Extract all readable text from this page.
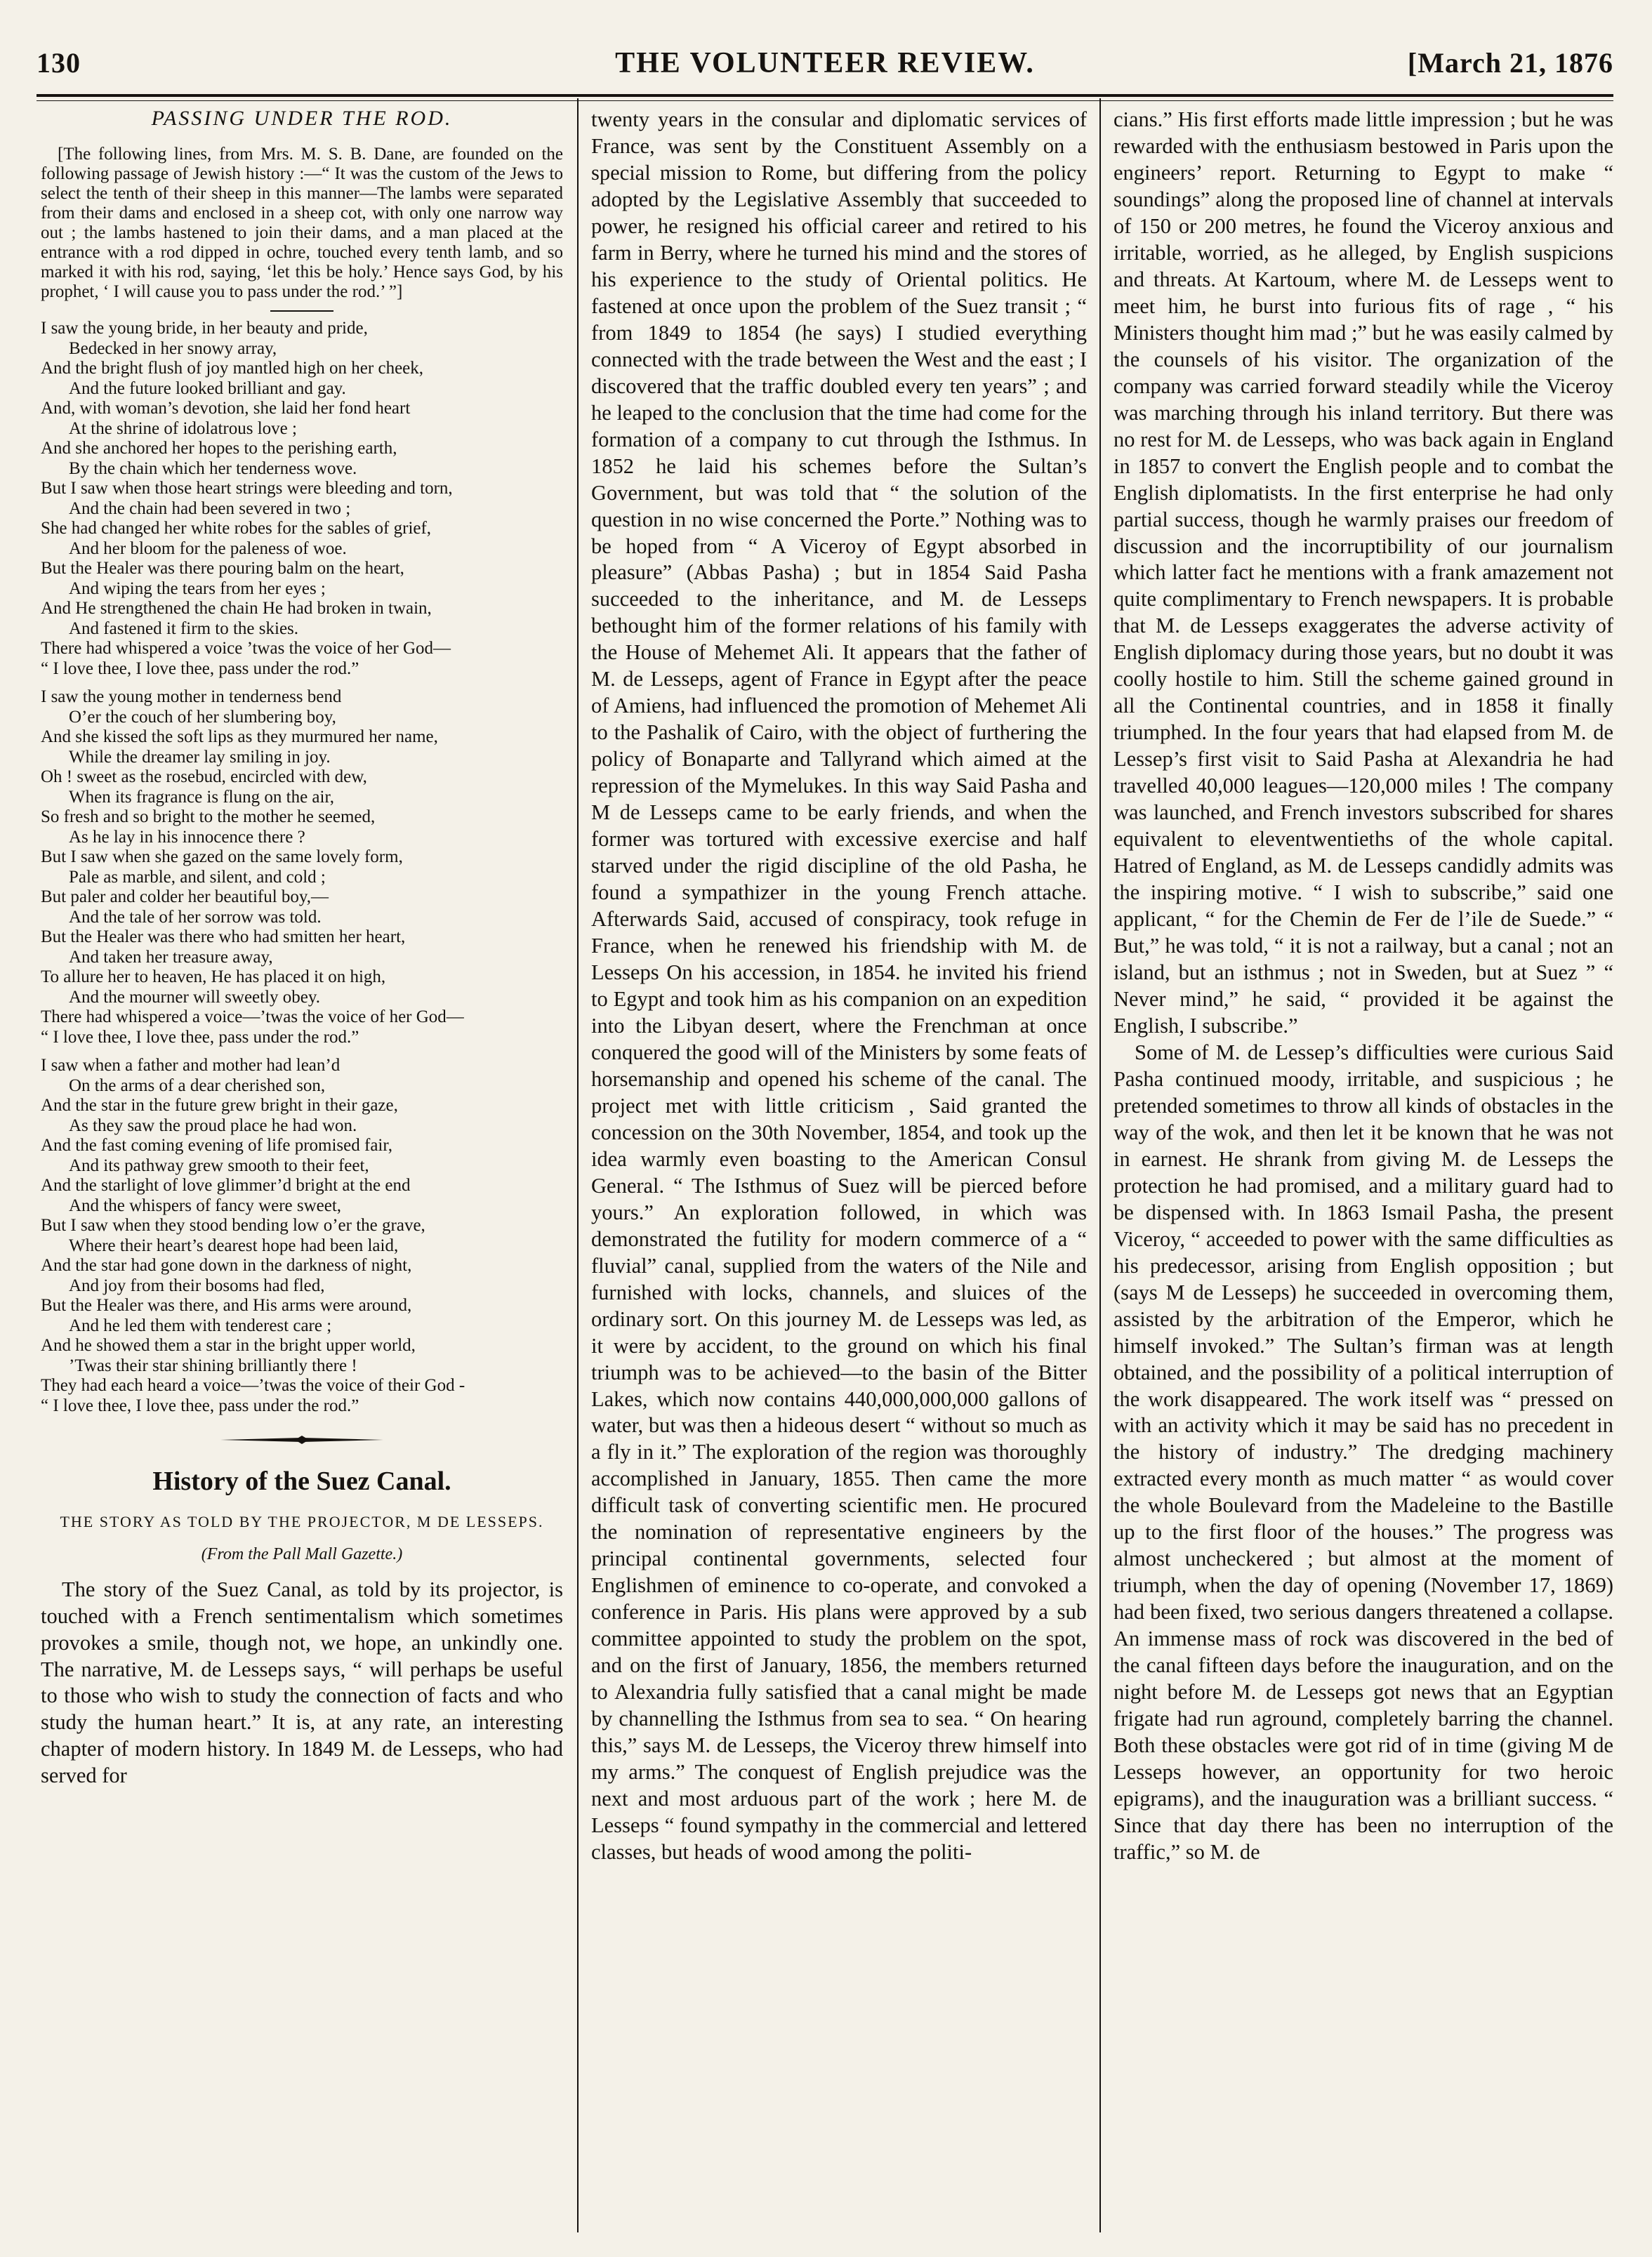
130	THE VOLUNTEER REVIEW.	[March 21, 1876
PASSING UNDER THE ROD.
[The following lines, from Mrs. M. S. B. Dane, are founded on the following passage of Jewish history :—“ It was the custom of the Jews to select the tenth of their sheep in this manner—The lambs were separated from their dams and enclosed in a sheep cot, with only one narrow way out ; the lambs hastened to join their dams, and a man placed at the entrance with a rod dipped in ochre, touched every tenth lamb, and so marked it with his rod, saying, ‘let this be holy.’ Hence says God, by his prophet, ‘ I will cause you to pass under the rod.’ ”]

I saw the young bride, in her beauty and pride,

Bedecked in her snowy array,

And the bright flush of joy mantled high on her cheek,

And the future looked brilliant and gay.

And, with woman’s devotion, she laid her fond heart

At the shrine of idolatrous love ;

And she anchored her hopes to the perishing earth,

By the chain which her tenderness wove.

But I saw when those heart strings were bleeding and torn,

And the chain had been severed in two ;

She had changed her white robes for the sables of grief,

And her bloom for the paleness of woe.

But the Healer was there pouring balm on the heart,

And wiping the tears from her eyes ;

And He strengthened the chain He had broken in twain,

And fastened it firm to the skies.

There had whispered a voice ’twas the voice of her God—

“ I love thee, I love thee, pass under the rod.”

I saw the young mother in tenderness bend

O’er the couch of her slumbering boy,

And she kissed the soft lips as they murmured her name,

While the dreamer lay smiling in joy.

Oh ! sweet as the rosebud, encircled with dew,

When its fragrance is flung on the air,

So fresh and so bright to the mother he seemed,

As he lay in his innocence there ?

But I saw when she gazed on the same lovely form,

Pale as marble, and silent, and cold ;

But paler and colder her beautiful boy,—

And the tale of her sorrow was told.

But the Healer was there who had smitten her heart,

And taken her treasure away,

To allure her to heaven, He has placed it on high,

And the mourner will sweetly obey.

There had whispered a voice—’twas the voice of her God—

“ I love thee, I love thee, pass under the rod.”

I saw when a father and mother had lean’d

On the arms of a dear cherished son,

And the star in the future grew bright in their gaze,

As they saw the proud place he had won.

And the fast coming evening of life promised fair,

And its pathway grew smooth to their feet,

And the starlight of love glimmer’d bright at the end

And the whispers of fancy were sweet,

But I saw when they stood bending low o’er the grave,

Where their heart’s dearest hope had been laid,

And the star had gone down in the darkness of night,

And joy from their bosoms had fled,

But the Healer was there, and His arms were around,

And he led them with tenderest care ;

And he showed them a star in the bright upper world,

’Twas their star shining brilliantly there !

They had each heard a voice—’twas the voice of their God -

“ I love thee, I love thee, pass under the rod.”

History of the Suez Canal.
THE STORY AS TOLD BY THE PROJECTOR, M DE LESSEPS.
(From the Pall Mall Gazette.)

The story of the Suez Canal, as told by its projector, is touched with a French sentimentalism which sometimes provokes a smile, though not, we hope, an unkindly one. The narrative, M. de Lesseps says, “ will perhaps be useful to those who wish to study the connection of facts and who study the human heart.” It is, at any rate, an interesting chapter of modern history. In 1849 M. de Lesseps, who had served for

twenty years in the consular and diplomatic services of France, was sent by the Constituent Assembly on a special mission to Rome, but differing from the policy adopted by the Legislative Assembly that succeeded to power, he resigned his official career and retired to his farm in Berry, where he turned his mind and the stores of his experience to the study of Oriental politics. He fastened at once upon the problem of the Suez transit ; “ from 1849 to 1854 (he says) I studied everything connected with the trade between the West and the east ; I discovered that the traffic doubled every ten years” ; and he leaped to the conclusion that the time had come for the formation of a company to cut through the Isthmus. In 1852 he laid his schemes before the Sultan’s Government, but was told that “ the solution of the question in no wise concerned the Porte.” Nothing was to be hoped from “ A Viceroy of Egypt absorbed in pleasure” (Abbas Pasha) ; but in 1854 Said Pasha succeeded to the inheritance, and M. de Lesseps bethought him of the former relations of his family with the House of Mehemet Ali. It appears that the father of M. de Lesseps, agent of France in Egypt after the peace of Amiens, had influenced the promotion of Mehemet Ali to the Pashalik of Cairo, with the object of furthering the policy of Bonaparte and Tallyrand which aimed at the repression of the Mymelukes. In this way Said Pasha and M de Lesseps came to be early friends, and when the former was tortured with excessive exercise and half starved under the rigid discipline of the old Pasha, he found a sympathizer in the young French attache. Afterwards Said, accused of conspiracy, took refuge in France, when he renewed his friendship with M. de Lesseps On his accession, in 1854. he invited his friend to Egypt and took him as his companion on an expedition into the Libyan desert, where the Frenchman at once conquered the good will of the Ministers by some feats of horsemanship and opened his scheme of the canal. The project met with little criticism , Said granted the concession on the 30th November, 1854, and took up the idea warmly even boasting to the American Consul General. “ The Isthmus of Suez will be pierced before yours.” An exploration followed, in which was demonstrated the futility for modern commerce of a “ fluvial” canal, supplied from the waters of the Nile and furnished with locks, channels, and sluices of the ordinary sort. On this journey M. de Lesseps was led, as it were by accident, to the ground on which his final triumph was to be achieved—to the basin of the Bitter Lakes, which now contains 440,000,000,000 gallons of water, but was then a hideous desert “ without so much as a fly in it.” The exploration of the region was thoroughly accomplished in January, 1855. Then came the more difficult task of converting scientific men. He procured the nomination of representative engineers by the principal continental governments, selected four Englishmen of eminence to co-operate, and convoked a conference in Paris. His plans were approved by a sub committee appointed to study the problem on the spot, and on the first of January, 1856, the members returned to Alexandria fully satisfied that a canal might be made by channelling the Isthmus from sea to sea. “ On hearing this,” says M. de Lesseps, the Viceroy threw himself into my arms.” The conquest of English prejudice was the next and most arduous part of the work ; here M. de Lesseps “ found sympathy in the commercial and lettered classes, but heads of wood among the politi-

cians.” His first efforts made little impression ; but he was rewarded with the enthusiasm bestowed in Paris upon the engineers’ report. Returning to Egypt to make “ soundings” along the proposed line of channel at intervals of 150 or 200 metres, he found the Viceroy anxious and irritable, worried, as he alleged, by English suspicions and threats. At Kartoum, where M. de Lesseps went to meet him, he burst into furious fits of rage , “ his Ministers thought him mad ;” but he was easily calmed by the counsels of his visitor. The organization of the company was carried forward steadily while the Viceroy was marching through his inland territory. But there was no rest for M. de Lesseps, who was back again in England in 1857 to convert the English people and to combat the English diplomatists. In the first enterprise he had only partial success, though he warmly praises our freedom of discussion and the incorruptibility of our journalism which latter fact he mentions with a frank amazement not quite complimentary to French newspapers. It is probable that M. de Lesseps exaggerates the adverse activity of English diplomacy during those years, but no doubt it was coolly hostile to him. Still the scheme gained ground in all the Continental countries, and in 1858 it finally triumphed. In the four years that had elapsed from M. de Lessep’s first visit to Said Pasha at Alexandria he had travelled 40,000 leagues—120,000 miles ! The company was launched, and French investors subscribed for shares equivalent to eleventwentieths of the whole capital. Hatred of England, as M. de Lesseps candidly admits was the inspiring motive. “ I wish to subscribe,” said one applicant, “ for the Chemin de Fer de l’ile de Suede.” “ But,” he was told, “ it is not a railway, but a canal ; not an island, but an isthmus ; not in Sweden, but at Suez ” “ Never mind,” he said, “ provided it be against the English, I subscribe.”

Some of M. de Lessep’s difficulties were curious Said Pasha continued moody, irritable, and suspicious ; he pretended sometimes to throw all kinds of obstacles in the way of the wok, and then let it be known that he was not in earnest. He shrank from giving M. de Lesseps the protection he had promised, and a military guard had to be dispensed with. In 1863 Ismail Pasha, the present Viceroy, “ acceeded to power with the same difficulties as his predecessor, arising from English opposition ; but (says M de Lesseps) he succeeded in overcoming them, assisted by the arbitration of the Emperor, which he himself invoked.” The Sultan’s firman was at length obtained, and the possibility of a political interruption of the work disappeared. The work itself was “ pressed on with an activity which it may be said has no precedent in the history of industry.” The dredging machinery extracted every month as much matter “ as would cover the whole Boulevard from the Madeleine to the Bastille up to the first floor of the houses.” The progress was almost uncheckered ; but almost at the moment of triumph, when the day of opening (November 17, 1869) had been fixed, two serious dangers threatened a collapse. An immense mass of rock was discovered in the bed of the canal fifteen days before the inauguration, and on the night before M. de Lesseps got news that an Egyptian frigate had run aground, completely barring the channel. Both these obstacles were got rid of in time (giving M de Lesseps however, an opportunity for two heroic epigrams), and the inauguration was a brilliant success. “ Since that day there has been no interruption of the traffic,” so M. de
